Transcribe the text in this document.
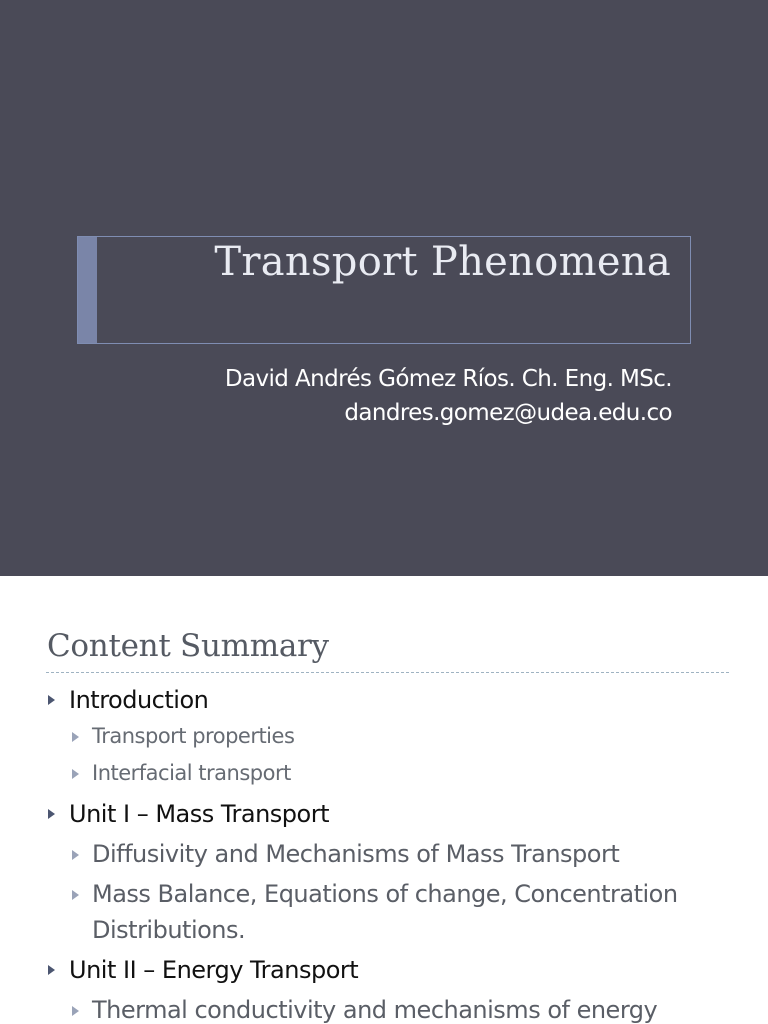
Transport Phenomena
David Andrés Gómez Ríos. Ch. Eng. MSc.
dandres.gomez@udea.edu.co
Content Summary
Introduction
Transport properties
Interfacial transport
Unit I – Mass Transport
Diffusivity and Mechanisms of Mass Transport
Mass Balance, Equations of change, Concentration Distributions.
Unit II – Energy Transport
Thermal conductivity and mechanisms of energy
